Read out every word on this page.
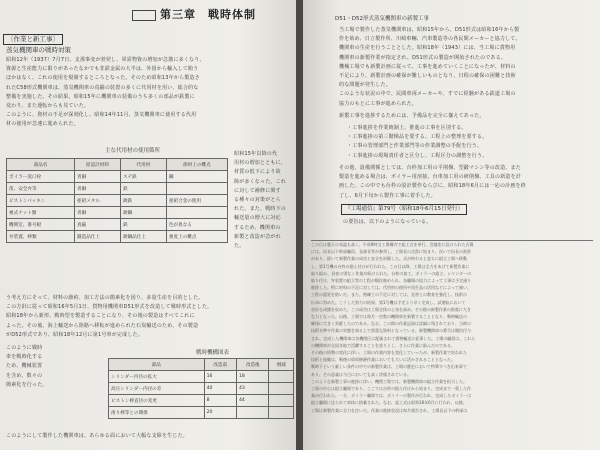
第三章　戦時体制
〔作業と新工事〕
蒸気機関車の戦時対策
昭和12年（1937）7月7日、支那事変が勃発し、軍需物資の増加が急激に多くなり、
資源と生産能力に限りがあったなかでも非鉄金属の大半は、外国から輸入して賄う
ほかはなく、これの使用を規制するところとなった。そのため昭和13年から製造さ
れたC58形式機関車は、蒸気機関車の真鍮の装置の多くに代用材を用い、総合的な
整備を実施した。その結果、昭和15年に機関車の装備のうち多くの部品が鉄製に
変わり、また運転からも見ていた。
このように、資材の不足が深刻化し、昭和14年11月、蒸気機関車に使用する代用
材の使用が急速に進められた。
主な代用材の使用箇所
部品名	原設計材料	代用材	節材上の難点
ボイラー洗口栓	青銅	ステ鉄	鋼
笛、安全弁等	青銅	鉄	
ピストンパッキン	亜鉛メタル	鋳鉄	亜鉛合金の使用
複式ナット類	青銅	鋳鋼	
機関室、番号板	真鍮	鉄	色が異なる
弁装置、棒類	鍛造品仕上	鋳鋼品仕上	強度上の難点
昭和15年以降の代
用材の増加とともに、
材質の低下により故
障が多くなった。これ
に対して補修に関す
る種々の対策がとら
れた。また、戦時下の
輸送量の増大に対応
するため、機関車の
新製と改造が急がれ
た。
う考え方にそって、材料の節約、加工方法の簡素化を図り、多量生産を目的とした。
この方針に従って昭和16年5月1日、貨物用機関車D51形式を改造して戦時形式とした。
昭和18年から新形、戦時型を製造することになり、その後の製造はすべてこれに
よった。その後、海上輸送から陸路へ移転が進められた石炭輸送のため、その製造
がD52形式であり、昭和18年12月に第1号車が完成した。
このように戦時
車を戦時化する
ため、機械装置
を含め、数々の
簡素化を行った。
戦時機構図表
部品	改造前	改造後	増減
シリンダー内径の拡大	16	18	
高圧シリンダー内径の差	40	43	
ピストン棒直径の変更	8	44	
滑り棒等との関係	20		
このようにして製作した機関車は、あらゆる面において大幅な支障を生じた。
D51・D52形式蒸気機関車の新製工事
当工場で製作した蒸気機関車は、昭和15年から、D51形式は昭和16年から製
作を始め、日立製作所、川崎車輛、汽車製造等の各民間メーカーと協力して、
機関車の生産を行うこととした。昭和18年（1943）には、当工場に貨物用
機関車の新製作業が指定され、D51形式の製造が開始されたのである。
機械工場でも新製計画に従って、工事を進めていくことになったが、材料の
不足により、新製計画の確保が難しいものとなり、日程の確保の困難と技術
的な問題が発生した。
このような状況の中で、民間車両メーカーや、すでに経験がある鉄道工場の
協力のもとに工事が進められた。
新製工事を進捗するためには、予備品を完全に揃えてあった。
・工事進捗を作業統制上、推進の工事を区別する。
・工事進捗の第三階梯品を要する、工程上の整理を要する。
・工事の管理部門と作業部門等の作業調整の手配を行う。
・工事進捗の現場責任者と区分し、工程区分の調整を行う。
その他、設備関係としては、台枠加工用の平削盤、型鍛マシン等の改造、また
製造を進める場合は、ボイラー用溶接、台車加工用の研削盤、工具の新造を計
画した。この中でも台枠の設計製作ならびに、昭和18年6月には一応の計画を終
了し、6月下旬から製作工事に着手した。
『工場通信』第79号（昭和18年6月15日発行）
の要旨は、以下のようになっている。
この日は曇天の気温も高く、午前9時当工場構内で起工式を挙行、会議室に設けられた式場
には、局長以下幹部職員、各課長等が参列し、工場長の式辞に始まり、次いで局長の祝辞
があり、続いて新製作業の成功と安全を祈願した。式が終わると直ちに組立工場へ移動
し、第1号機の台枠の据え付けが行われた。この日以降、工場は全力をあげて新製作業に
取り組み、昼夜の別なく作業が続けられた。台枠の加工、ボイラーの組立、シリンダーの
取り付け、弁装置の組立等の工程が順次進められ、各職場の協力によって工事は予定通り
進捗した。特に材料の不足に対しては、代用材の使用や再生品の活用などによって補い、
工程の遅延を防いだ。また、熟練工の不足に対しては、見習工の教育を強化し、技術の
伝承に努めた。こうした努力の結果、第1号機は予定より早く完成し、試運転において
良好な成績を収めた。この成功は工場全体の士気を高め、その後の新製作業の推進に大き
な力となった。以後、工場では毎月一定数の機関車を新製することとなり、戦時輸送の
確保に大きく貢献したのである。なお、この間の作業記録は詳細に残されており、当時の
技術水準や作業の実態を知る上で貴重な資料となっている。新製機関車の番号は順次付与
され、完成した機関車は各機関区に配属されて貨物輸送に従事した。工場の職員は、これら
の機関車が全国各地で活躍することを誇りとし、さらに作業に励んだのである。
その後の情勢の変化に伴い、工場の作業内容も変化していったが、新製作業で培われた
技術と経験は、戦後の車両修繕作業においても大いに活かされることとなった。
戦時下という厳しい条件の中での新製作業は、工場の歴史において特筆すべき出来事で
あり、その意義は今日においても高く評価されている。
このような新製工事の進捗に伴い、機関工場では、新製機関車の組立作業を担当した。
工場の中心は組立職場であり、ここでは台枠の据え付けから始まり、完成まで一貫した作
業が行われた。一方、ボイラー職場では、ボイラーの製作が行われ、完成したボイラーは
組立職場に送られて車体に搭載された。なお、起工式は昭和18年6月に行われ、以後、
工場は新製作業に全力を注いだ。作業の進捗状況は毎月報告され、工場長以下の幹部は
